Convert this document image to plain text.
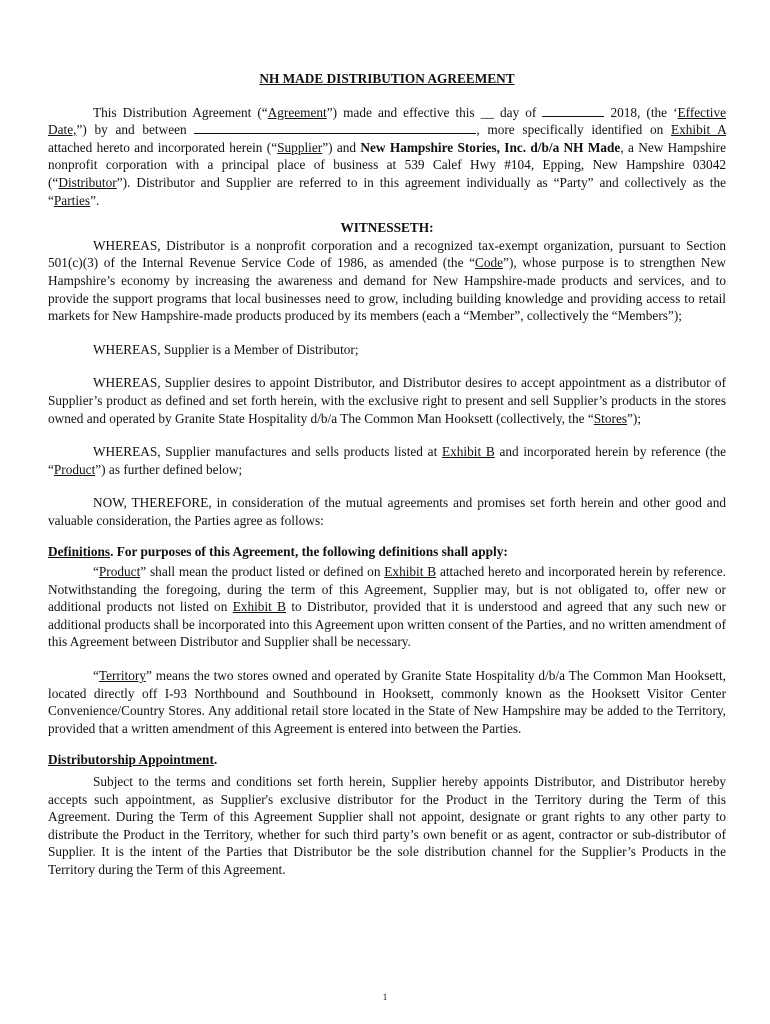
NH MADE DISTRIBUTION AGREEMENT

This Distribution Agreement (“Agreement”) made and effective this __ day of	2018, (the ‘Effective Date,”) by and between	, more specifically identified on Exhibit A attached hereto and incorporated herein (“Supplier”) and New Hampshire Stories, Inc. d/b/a NH Made, a New Hampshire nonprofit corporation with a principal place of business at 539 Calef Hwy #104, Epping, New Hampshire 03042 (“Distributor”). Distributor and Supplier are referred to in this agreement individually as “Party” and collectively as the “Parties”.

WITNESSETH:

WHEREAS, Distributor is a nonprofit corporation and a recognized tax-exempt organization, pursuant to Section 501(c)(3) of the Internal Revenue Service Code of 1986, as amended (the “Code”), whose purpose is to strengthen New Hampshire’s economy by increasing the awareness and demand for New Hampshire-made products and services, and to provide the support programs that local businesses need to grow, including building knowledge and providing access to retail markets for New Hampshire-made products produced by its members (each a “Member”, collectively the “Members”);

WHEREAS, Supplier is a Member of Distributor;

WHEREAS, Supplier desires to appoint Distributor, and Distributor desires to accept appointment as a distributor of Supplier’s product as defined and set forth herein, with the exclusive right to present and sell Supplier’s products in the stores owned and operated by Granite State Hospitality d/b/a The Common Man Hooksett (collectively, the “Stores”);

WHEREAS, Supplier manufactures and sells products listed at Exhibit B and incorporated herein by reference (the “Product”) as further defined below;

NOW, THEREFORE, in consideration of the mutual agreements and promises set forth herein and other good and valuable consideration, the Parties agree as follows:

Definitions. For purposes of this Agreement, the following definitions shall apply:

“Product” shall mean the product listed or defined on Exhibit B attached hereto and incorporated herein by reference. Notwithstanding the foregoing, during the term of this Agreement, Supplier may, but is not obligated to, offer new or additional products not listed on Exhibit B to Distributor, provided that it is understood and agreed that any such new or additional products shall be incorporated into this Agreement upon written consent of the Parties, and no written amendment of this Agreement between Distributor and Supplier shall be necessary.

“Territory” means the two stores owned and operated by Granite State Hospitality d/b/a The Common Man Hooksett, located directly off I-93 Northbound and Southbound in Hooksett, commonly known as the Hooksett Visitor Center Convenience/Country Stores. Any additional retail store located in the State of New Hampshire may be added to the Territory, provided that a written amendment of this Agreement is entered into between the Parties.

Distributorship Appointment.

Subject to the terms and conditions set forth herein, Supplier hereby appoints Distributor, and Distributor hereby accepts such appointment, as Supplier's exclusive distributor for the Product in the Territory during the Term of this Agreement. During the Term of this Agreement Supplier shall not appoint, designate or grant rights to any other party to distribute the Product in the Territory, whether for such third party’s own benefit or as agent, contractor or sub-distributor of Supplier. It is the intent of the Parties that Distributor be the sole distribution channel for the Supplier’s Products in the Territory during the Term of this Agreement.

1
